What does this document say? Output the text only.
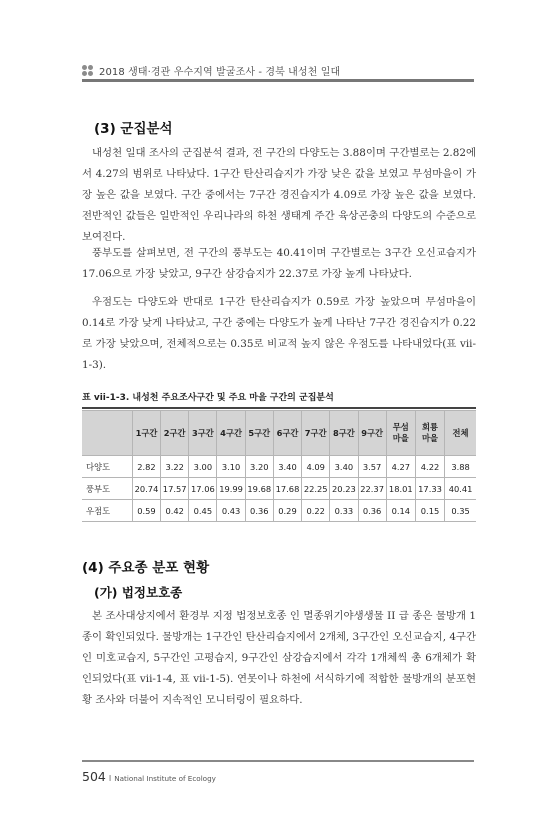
2018 생태·경관 우수지역 발굴조사 - 경북 내성천 일대
(3) 군집분석

내성천 일대 조사의 군집분석 결과, 전 구간의 다양도는 3.88이며 구간별로는 2.82에서 4.27의 범위로 나타났다. 1구간 탄산리습지가 가장 낮은 값을 보였고 무섬마을이 가장 높은 값을 보였다. 구간 중에서는 7구간 경진습지가 4.09로 가장 높은 값을 보였다. 전반적인 값들은 일반적인 우리나라의 하천 생태계 주간 육상곤충의 다양도의 수준으로 보여진다.

풍부도를 살펴보면, 전 구간의 풍부도는 40.41이며 구간별로는 3구간 오신교습지가 17.06으로 가장 낮았고, 9구간 삼강습지가 22.37로 가장 높게 나타났다.

우점도는 다양도와 반대로 1구간 탄산리습지가 0.59로 가장 높았으며 무섬마을이 0.14로 가장 낮게 나타났고, 구간 중에는 다양도가 높게 나타난 7구간 경진습지가 0.22로 가장 낮았으며, 전체적으로는 0.35로 비교적 높지 않은 우점도를 나타내었다(표 vii-1-3).

표 vii-1-3. 내성천 주요조사구간 및 주요 마을 구간의 군집분석
	1구간	2구간	3구간	4구간	5구간	6구간	7구간	8구간	9구간	무섬마을	회룡마을	전체
다양도	2.82	3.22	3.00	3.10	3.20	3.40	4.09	3.40	3.57	4.27	4.22	3.88
풍부도	20.74	17.57	17.06	19.99	19.68	17.68	22.25	20.23	22.37	18.01	17.33	40.41
우점도	0.59	0.42	0.45	0.43	0.36	0.29	0.22	0.33	0.36	0.14	0.15	0.35
(4) 주요종 분포 현황
(가) 법정보호종

본 조사대상지에서 환경부 지정 법정보호종 인 멸종위기야생생물 II 급 종은 물방개 1종이 확인되었다. 물방개는 1구간인 탄산리습지에서 2개체, 3구간인 오신교습지, 4구간인 미호교습지, 5구간인 고평습지, 9구간인 삼강습지에서 각각 1개체씩 총 6개체가 확인되었다(표 vii-1-4, 표 vii-1-5). 연못이나 하천에 서식하기에 적합한 물방개의 분포현황 조사와 더불어 지속적인 모니터링이 필요하다.

504 I National Institute of Ecology
